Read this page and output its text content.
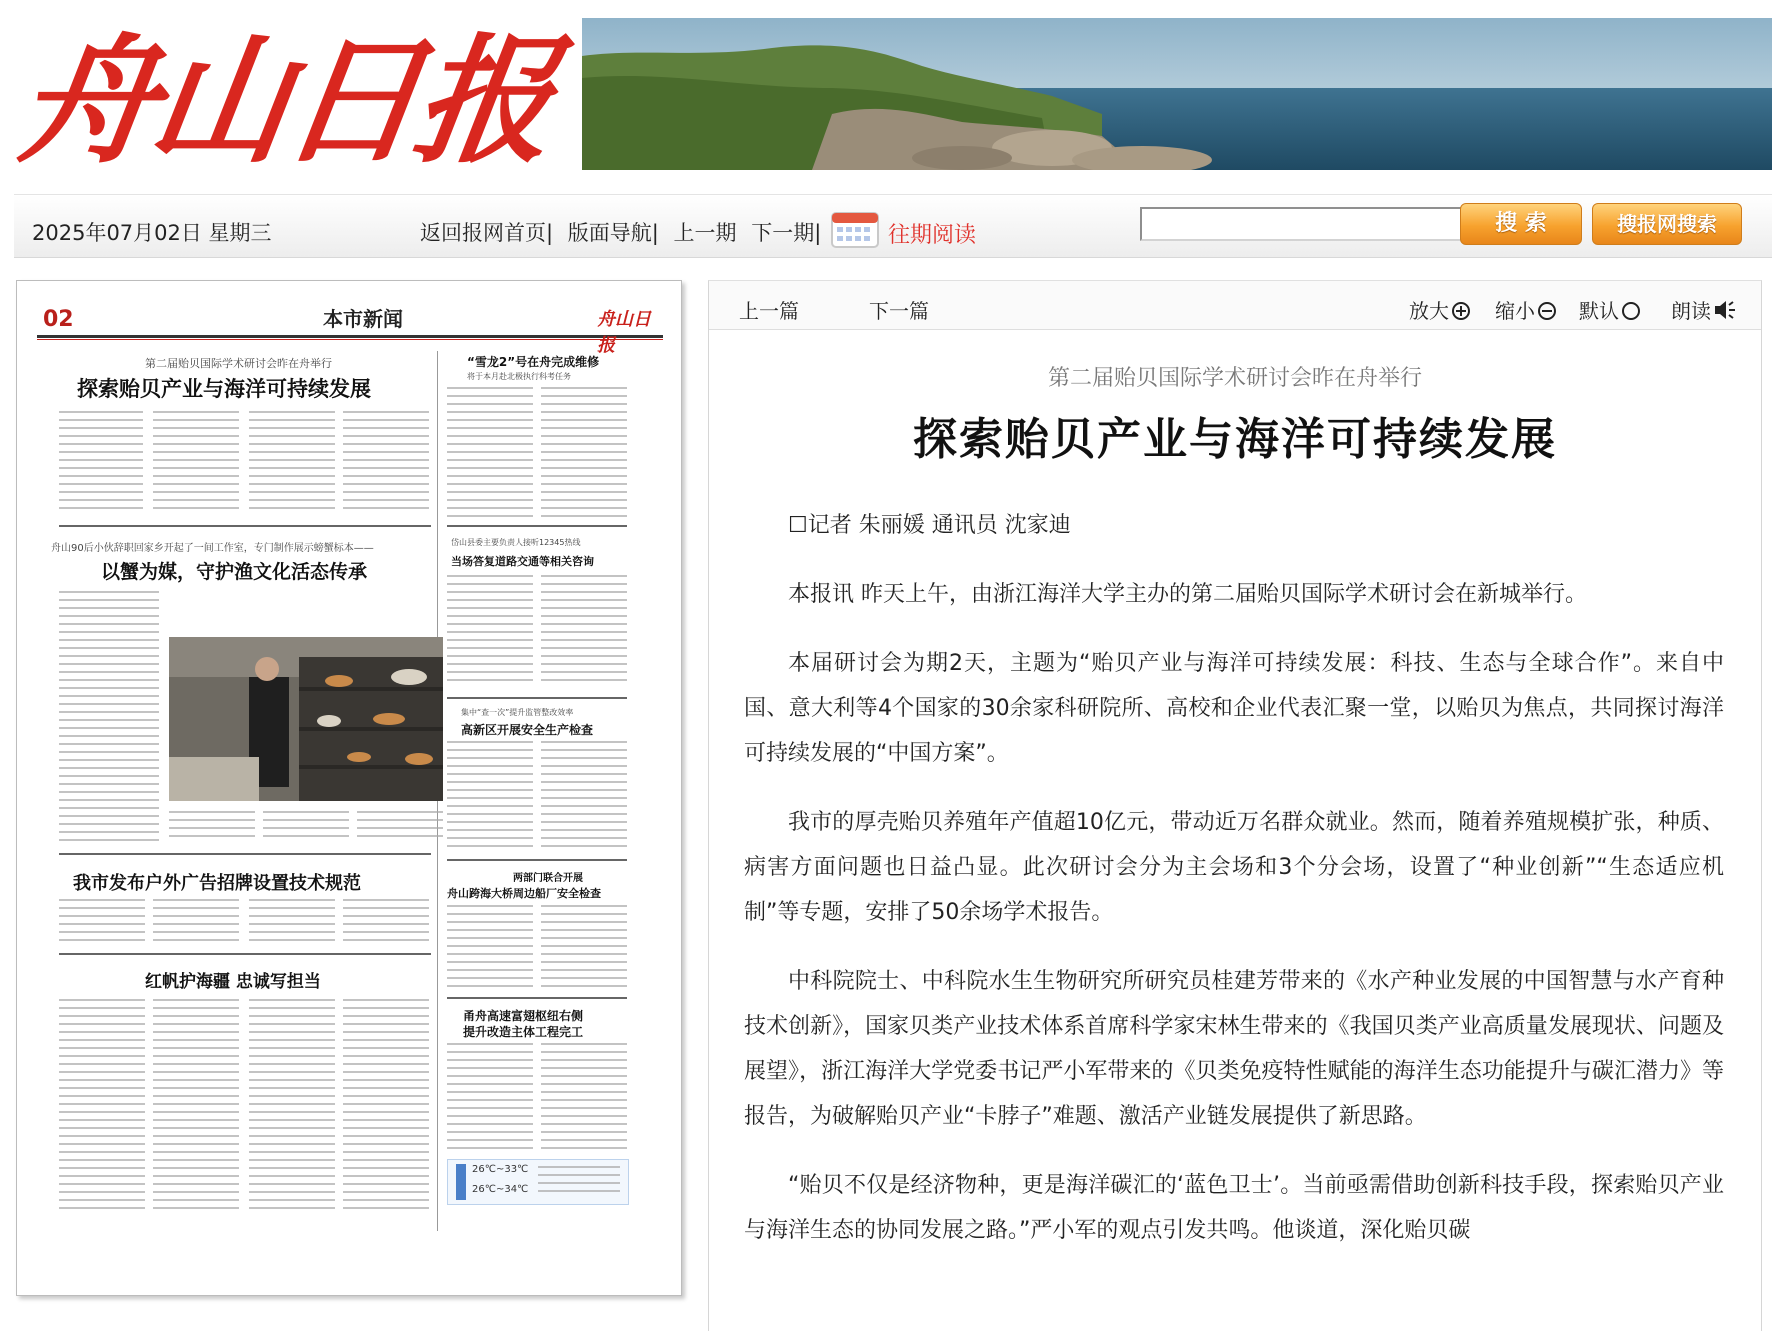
舟山日报
2025年07月02日 星期三	返回报网首页| 版面导航| 上一期 下一期|	往期阅读	搜 索	搜报网搜索
02	本市新闻	舟山日报
第二届贻贝国际学术研讨会昨在舟举行
探索贻贝产业与海洋可持续发展
“雪龙2”号在舟完成维修
将于本月赴北极执行科考任务
岱山县委主要负责人接听12345热线
当场答复道路交通等相关咨询
集中“查一次”提升监管整改效率
高新区开展安全生产检查
两部门联合开展
舟山跨海大桥周边船厂安全检查
甬舟高速富翅枢纽右侧
提升改造主体工程完工
26℃~33℃
26℃~34℃
舟山90后小伙辞职回家乡开起了一间工作室，专门制作展示螃蟹标本——
以蟹为媒，守护渔文化活态传承
我市发布户外广告招牌设置技术规范
红帆护海疆 忠诚写担当
上一篇	下一篇	放大	缩小	默认	朗读
第二届贻贝国际学术研讨会昨在舟举行
探索贻贝产业与海洋可持续发展

☐记者 朱丽媛 通讯员 沈家迪

本报讯 昨天上午，由浙江海洋大学主办的第二届贻贝国际学术研讨会在新城举行。

本届研讨会为期2天，主题为“贻贝产业与海洋可持续发展：科技、生态与全球合作”。来自中国、意大利等4个国家的30余家科研院所、高校和企业代表汇聚一堂，以贻贝为焦点，共同探讨海洋可持续发展的“中国方案”。

我市的厚壳贻贝养殖年产值超10亿元，带动近万名群众就业。然而，随着养殖规模扩张，种质、病害方面问题也日益凸显。此次研讨会分为主会场和3个分会场，设置了“种业创新”“生态适应机制”等专题，安排了50余场学术报告。

中科院院士、中科院水生生物研究所研究员桂建芳带来的《水产种业发展的中国智慧与水产育种技术创新》，国家贝类产业技术体系首席科学家宋林生带来的《我国贝类产业高质量发展现状、问题及展望》，浙江海洋大学党委书记严小军带来的《贝类免疫特性赋能的海洋生态功能提升与碳汇潜力》等报告，为破解贻贝产业“卡脖子”难题、激活产业链发展提供了新思路。

“贻贝不仅是经济物种，更是海洋碳汇的‘蓝色卫士’。当前亟需借助创新科技手段，探索贻贝产业与海洋生态的协同发展之路。”严小军的观点引发共鸣。他谈道，深化贻贝碳
